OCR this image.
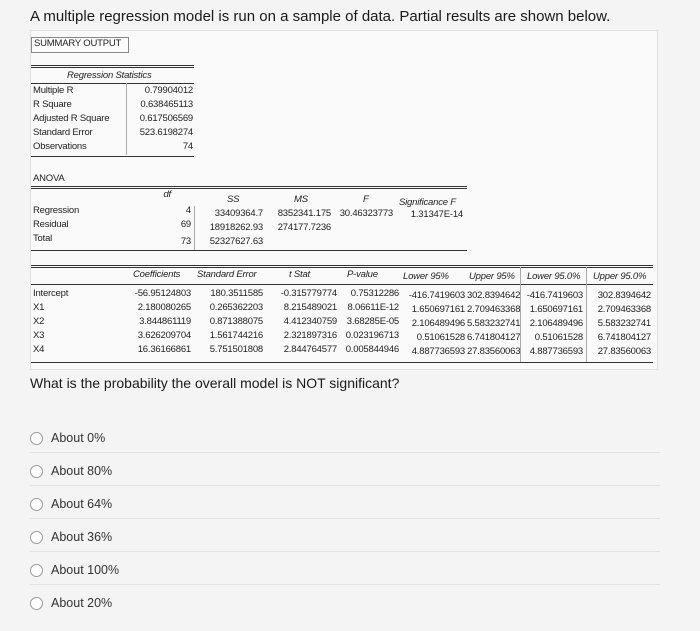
A multiple regression model is run on a sample of data. Partial results are shown below.
SUMMARY OUTPUT
Regression Statistics
Multiple R	0.79904012
R Square	0.638465113
Adjusted R Square	0.617506569
Standard Error	523.6198274
Observations	74
ANOVA
df	SS	MS	F	Significance F
Regression	4	33409364.7	8352341.175 30.46323773	1.31347E-14
Residual	69	18918262.93	274177.7236
Total	73	52327627.63
Coefficients Standard Error	t Stat	P-value	Lower 95% Upper 95% Lower 95.0% Upper 95.0%
Intercept	-56.95124803	180.3511585	-0.315779774	0.75312286	-416.7419603 302.8394642 -416.7419603	302.8394642
X1	2.180080265	0.265362203	8.215489021	8.06611E-12	1.650697161 2.709463368 1.650697161	2.709463368
X2	3.844861119	0.871388075	4.412340759	3.68285E-05	2.106489496 5.583232741 2.106489496	5.583232741
X3	3.626209704	1.561744216	2.321897316 0.023196713	0.51061528 6.741804127	0.51061528	6.741804127
X4	16.36166861	5.751501808	2.844764577 0.005844946	4.887736593 27.83560063 4.887736593	27.83560063
What is the probability the overall model is NOT significant?
About 0%
About 80%
About 64%
About 36%
About 100%
About 20%
